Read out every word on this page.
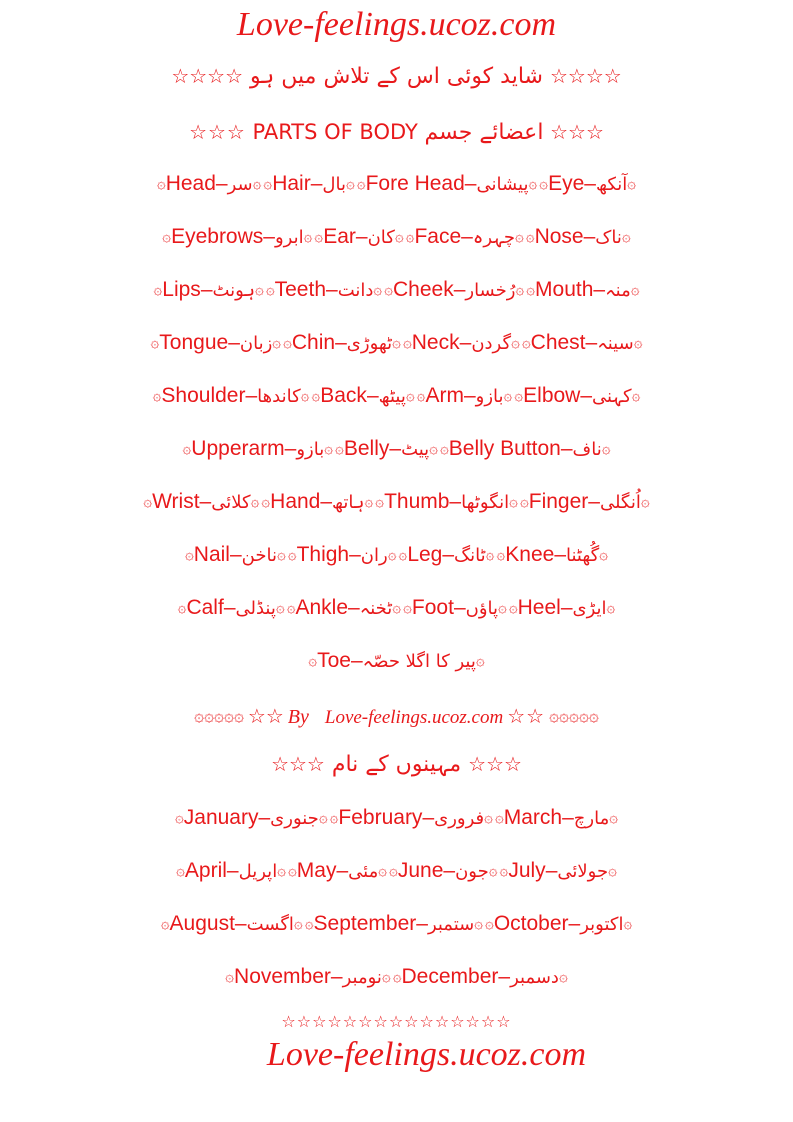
Love-feelings.ucoz.com
☆☆☆☆ شاید کوئی اس کے تلاش میں ہو ☆☆☆☆
☆☆☆ PARTS OF BODY اعضائے جسم ☆☆☆
۞Head–سر۞ ۞Hair–بال۞ ۞Fore Head–پیشانی۞ ۞Eye–آنکھ۞
۞Eyebrows–ابرو۞ ۞Ear–کان۞ ۞Face–چہرہ۞ ۞Nose–ناک۞
۞Lips–ہونٹ۞ ۞Teeth–دانت۞ ۞Cheek–رُخسار۞ ۞Mouth–منہ۞
۞Tongue–زبان۞ ۞Chin–ٹھوڑی۞ ۞Neck–گردن۞ ۞Chest–سینہ۞
۞Shoulder–کاندھا۞ ۞Back–پیٹھ۞ ۞Arm–بازو۞ ۞Elbow–کہنی۞
۞Upperarm–بازو۞ ۞Belly–پیٹ۞ ۞Belly Button–ناف۞
۞Wrist–کلائی۞ ۞Hand–ہاتھ۞ ۞Thumb–انگوٹھا۞ ۞Finger–اُنگلی۞
۞Nail–ناخن۞ ۞Thigh–ران۞ ۞Leg–ٹانگ۞ ۞Knee–گُھٹنا۞
۞Calf–پنڈلی۞ ۞Ankle–ٹخنہ۞ ۞Foot–پاؤں۞ ۞Heel–ایڑی۞
۞Toe–پیر کا اگلا حصّہ۞
۞۞۞۞۞ ☆☆ By Love-feelings.ucoz.com ☆☆ ۞۞۞۞۞
☆☆☆ مہینوں کے نام ☆☆☆
۞January–جنوری۞ ۞February–فروری۞ ۞March–مارچ۞
۞April–اپریل۞ ۞May–مئی۞ ۞June–جون۞ ۞July–جولائی۞
۞August–اگست۞ ۞September–ستمبر۞ ۞October–اکتوبر۞
۞November–نومبر۞ ۞December–دسمبر۞
☆☆☆☆☆☆☆☆☆☆☆☆☆☆☆
Love-feelings.ucoz.com
